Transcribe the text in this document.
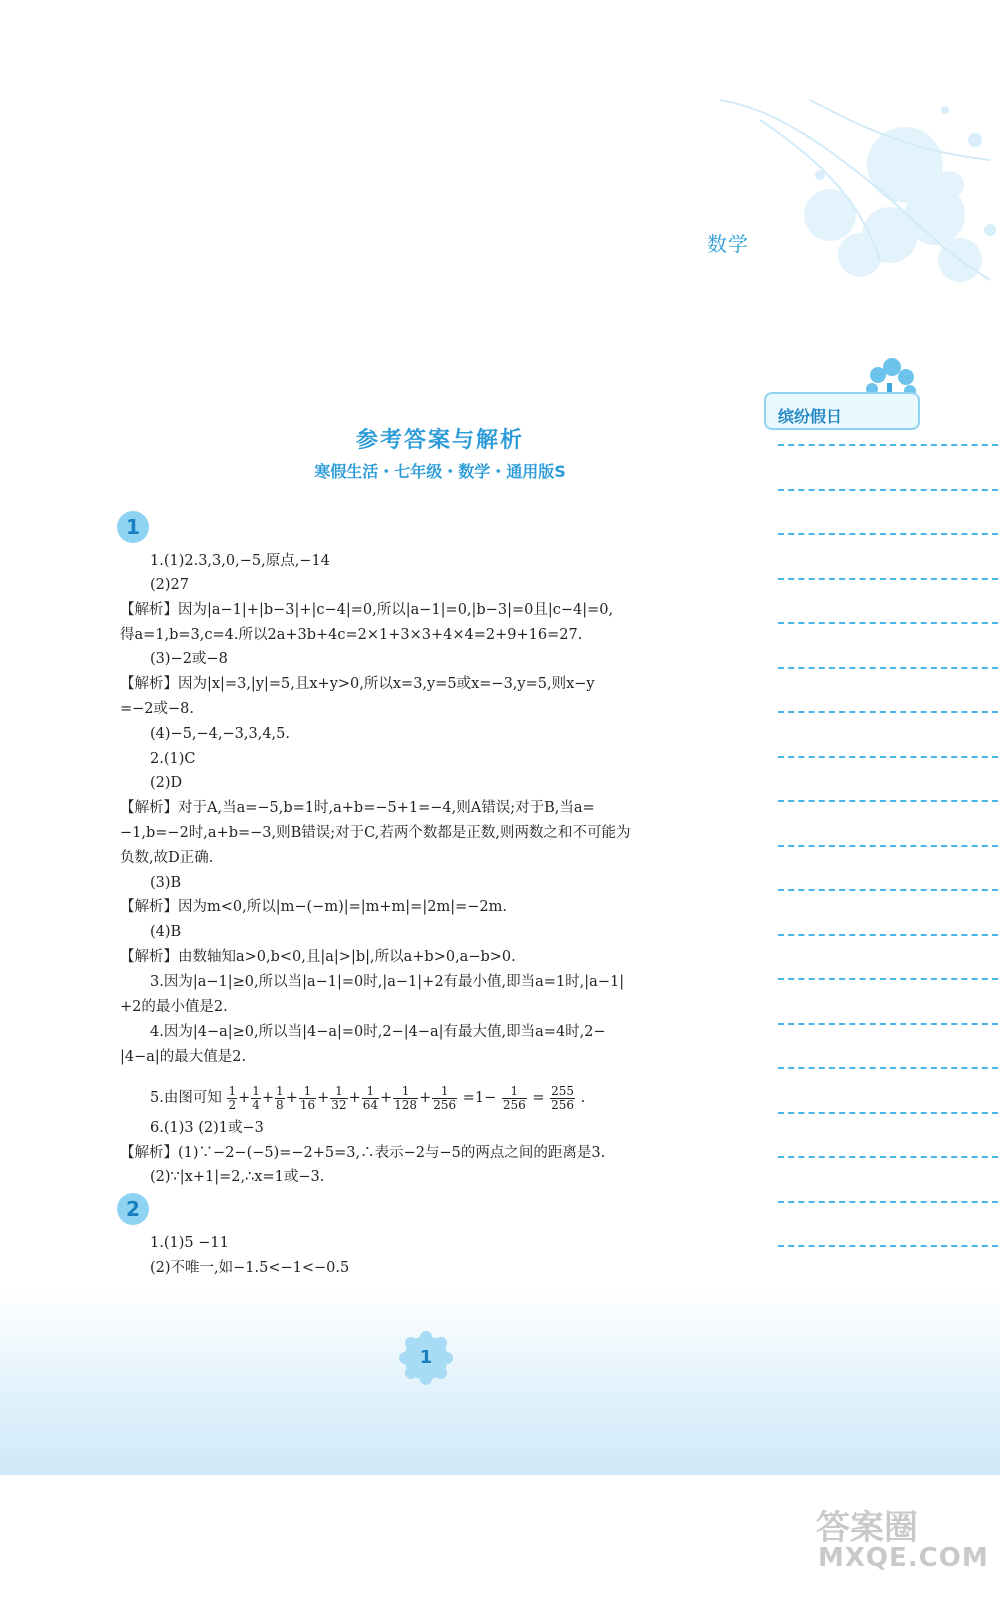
数学
缤纷假日
参考答案与解析
寒假生活・七年级・数学・通用版S
1
1.(1)2.3,3,0,−5,原点,−14
(2)27
【解析】因为|a−1|+|b−3|+|c−4|=0,所以|a−1|=0,|b−3|=0且|c−4|=0,
得a=1,b=3,c=4.所以2a+3b+4c=2×1+3×3+4×4=2+9+16=27.
(3)−2或−8
【解析】因为|x|=3,|y|=5,且x+y>0,所以x=3,y=5或x=−3,y=5,则x−y
=−2或−8.
(4)−5,−4,−3,3,4,5.
2.(1)C
(2)D
【解析】对于A,当a=−5,b=1时,a+b=−5+1=−4,则A错误;对于B,当a=
−1,b=−2时,a+b=−3,则B错误;对于C,若两个数都是正数,则两数之和不可能为
负数,故D正确.
(3)B
【解析】因为m<0,所以|m−(−m)|=|m+m|=|2m|=−2m.
(4)B
【解析】由数轴知a>0,b<0,且|a|>|b|,所以a+b>0,a−b>0.
3.因为|a−1|≥0,所以当|a−1|=0时,|a−1|+2有最小值,即当a=1时,|a−1|
+2的最小值是2.
4.因为|4−a|≥0,所以当|4−a|=0时,2−|4−a|有最大值,即当a=4时,2−
|4−a|的最大值是2.
5.由图可知 $\frac{1}{2} + \frac{1}{4} + \frac{1}{8} + \frac{1}{16} + \frac{1}{32} + \frac{1}{64} + \frac{1}{128} + \frac{1}{256} =1- \frac{1}{256} = \frac{255}{256}$ .
6.(1)3 (2)1或−3
【解析】(1)∵−2−(−5)=−2+5=3,∴表示−2与−5的两点之间的距离是3.
(2)∵|x+1|=2,∴x=1或−3.
2
1.(1)5 −11
(2)不唯一,如−1.5<−1<−0.5
1
答案圈
MXQE.COM
